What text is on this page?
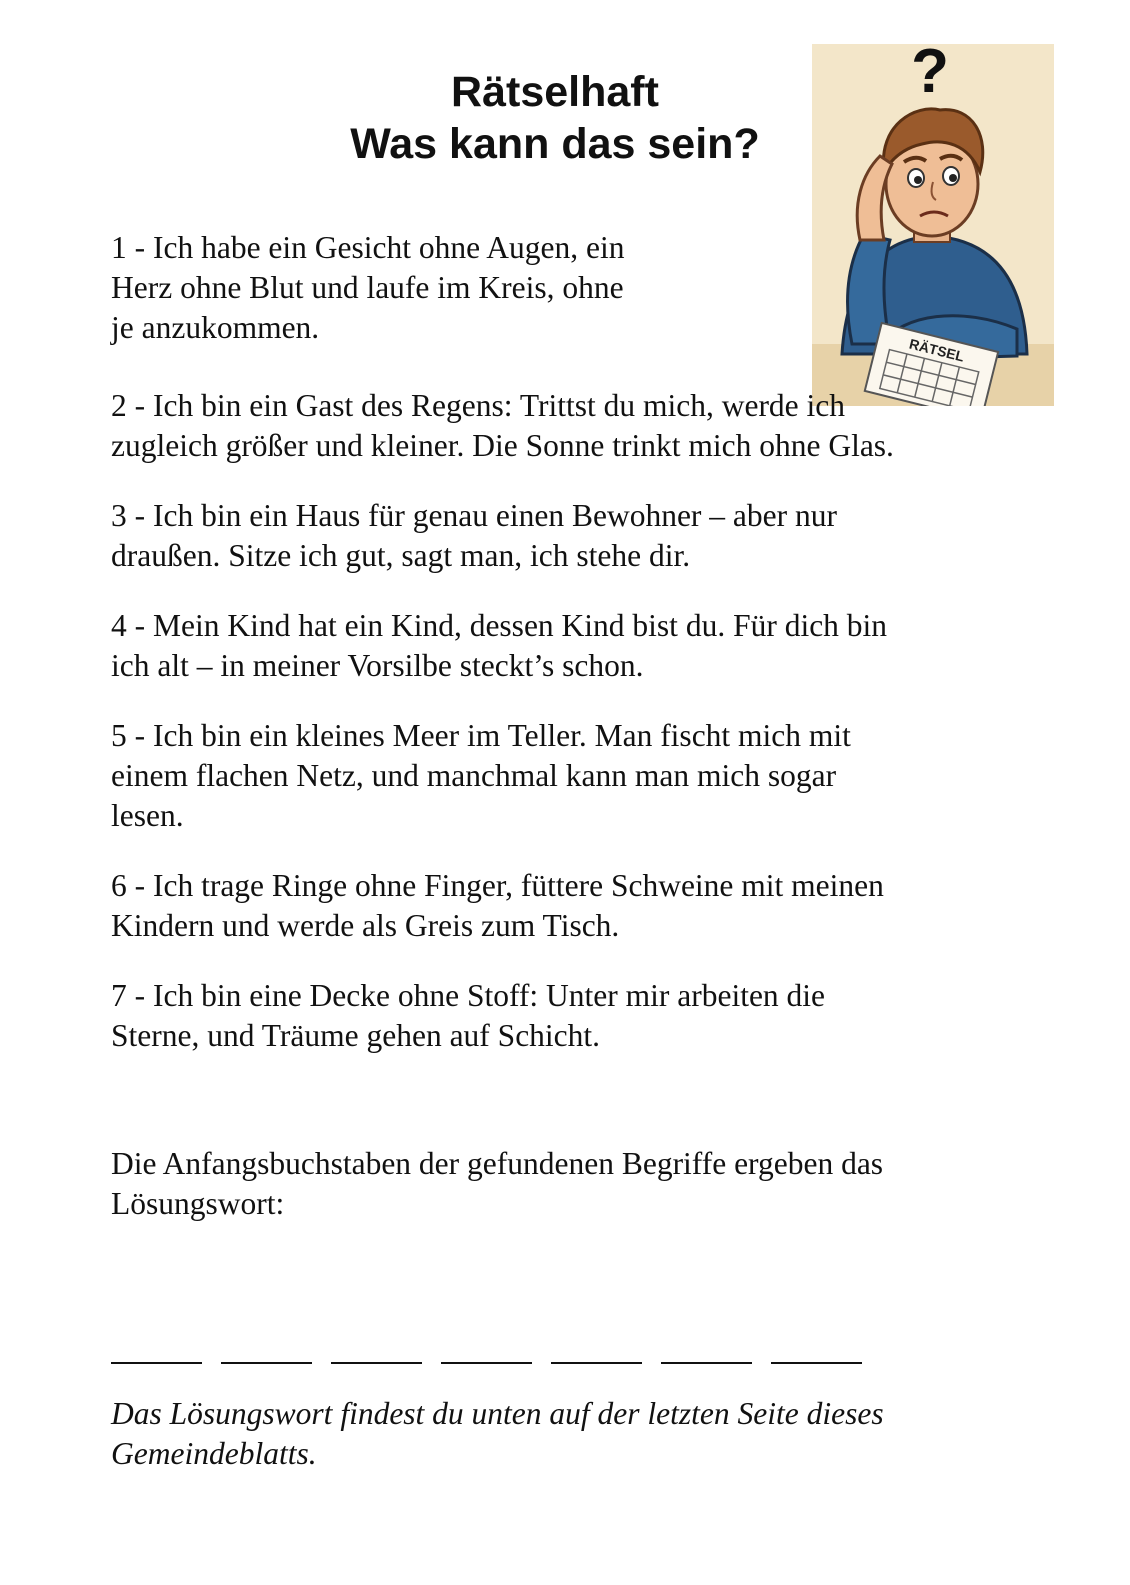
Rätselhaft
Was kann das sein?
?
RÄTSEL
1 - Ich habe ein Gesicht ohne Augen, ein
Herz ohne Blut und laufe im Kreis, ohne
je anzukommen.
2 - Ich bin ein Gast des Regens: Trittst du mich, werde ich
zugleich größer und kleiner. Die Sonne trinkt mich ohne Glas.
3 - Ich bin ein Haus für genau einen Bewohner – aber nur
draußen. Sitze ich gut, sagt man, ich stehe dir.
4 - Mein Kind hat ein Kind, dessen Kind bist du. Für dich bin
ich alt – in meiner Vorsilbe steckt’s schon.
5 - Ich bin ein kleines Meer im Teller. Man fischt mich mit
einem flachen Netz, und manchmal kann man mich sogar
lesen.
6 - Ich trage Ringe ohne Finger, füttere Schweine mit meinen
Kindern und werde als Greis zum Tisch.
7 - Ich bin eine Decke ohne Stoff: Unter mir arbeiten die
Sterne, und Träume gehen auf Schicht.
Die Anfangsbuchstaben der gefundenen Begriffe ergeben das
Lösungswort:
Das Lösungswort findest du unten auf der letzten Seite dieses
Gemeindeblatts.
